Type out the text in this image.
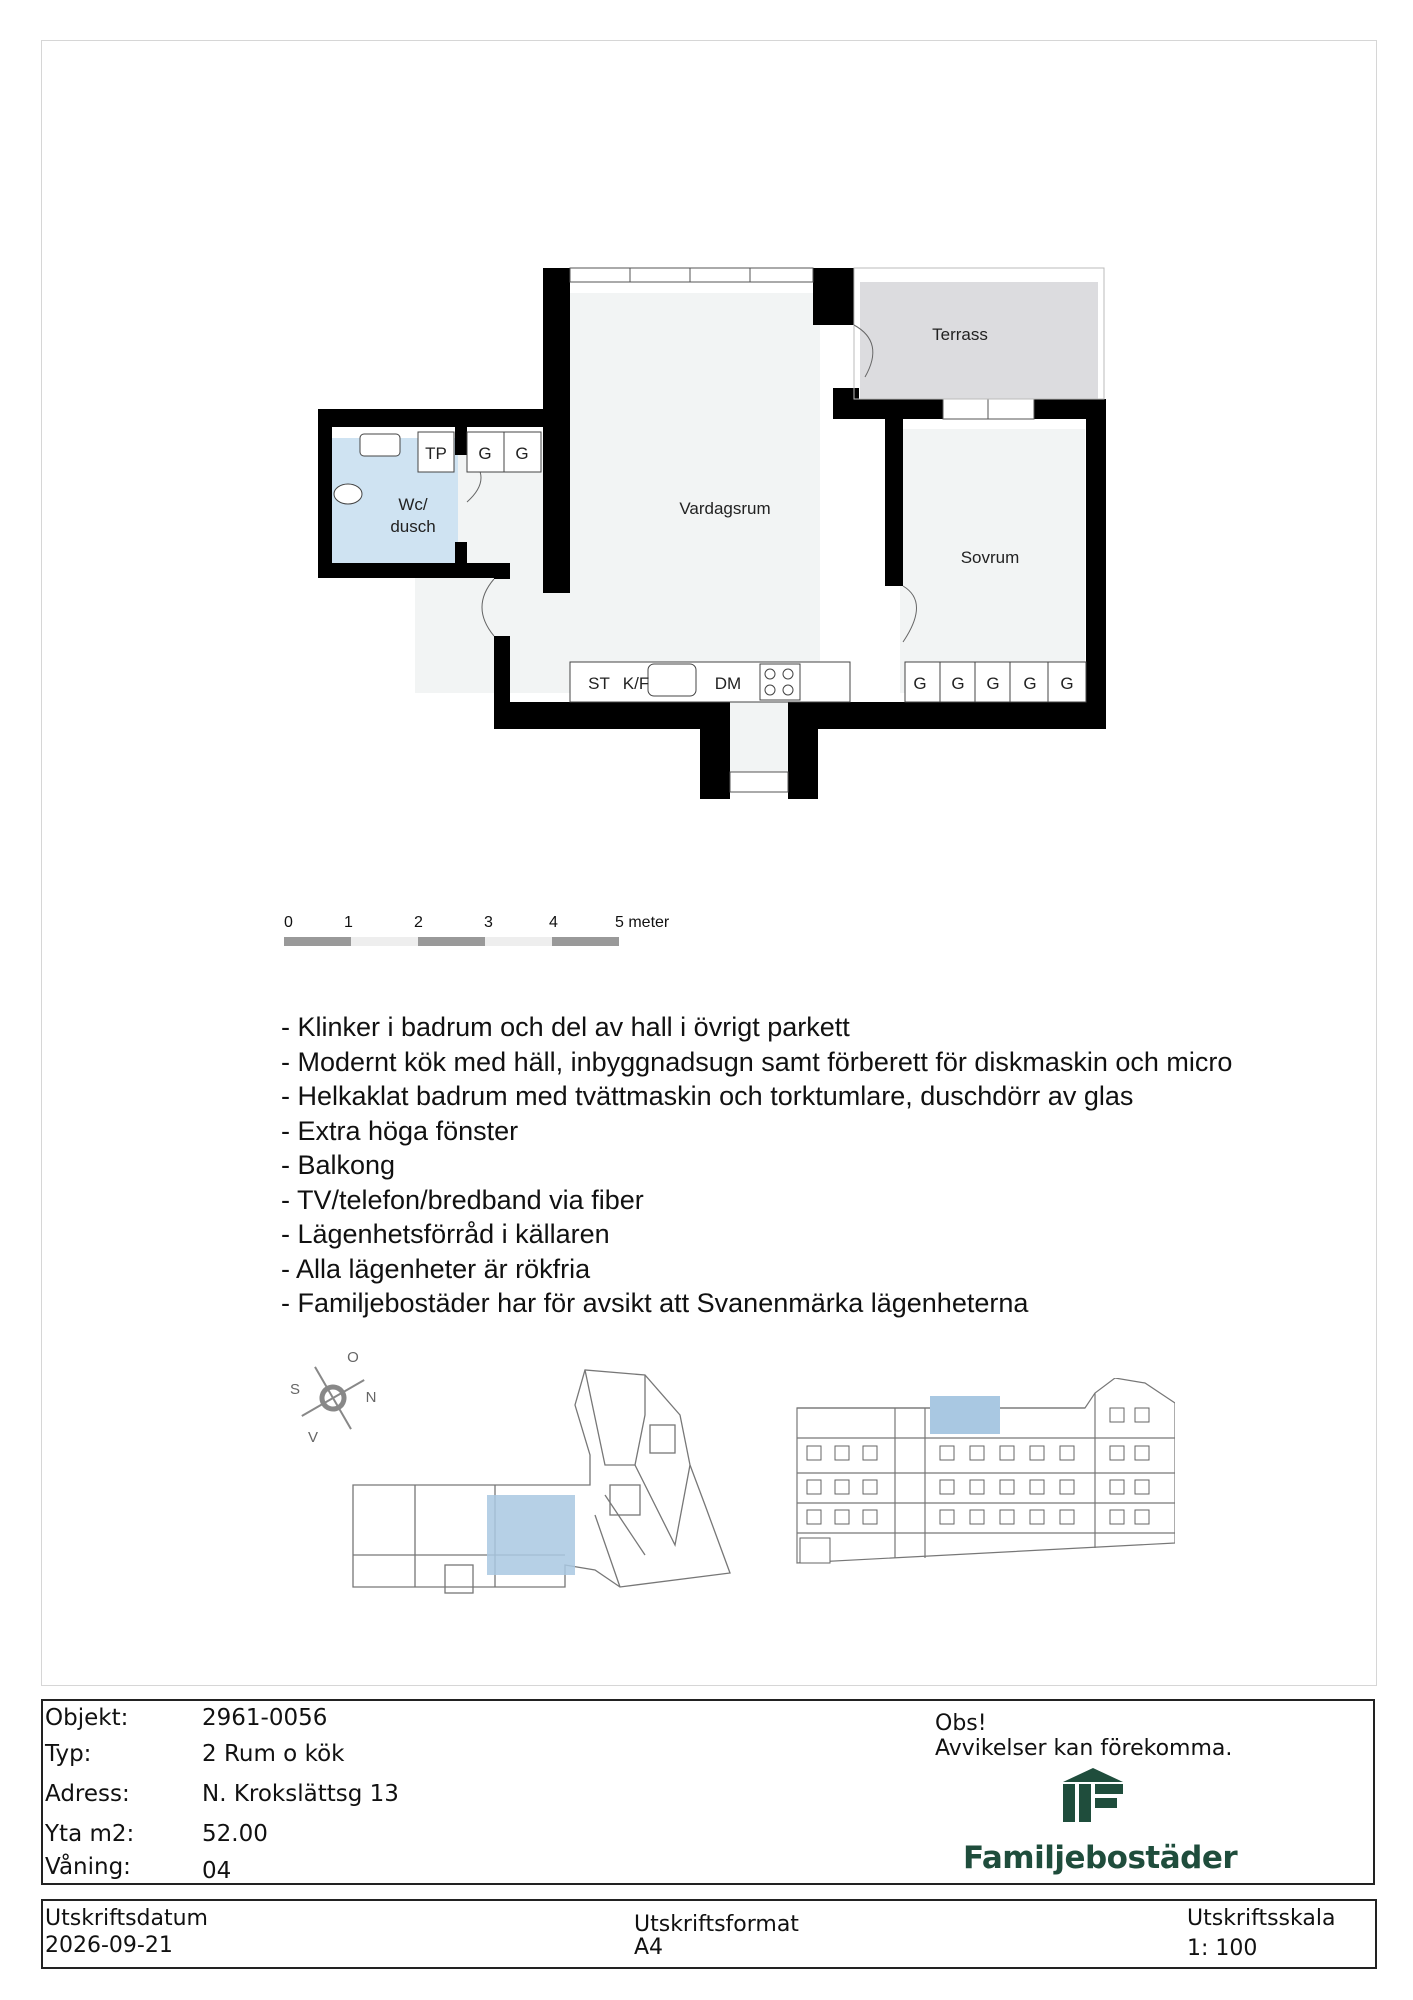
Terrass
Vardagsrum
Sovrum
Wc/
dusch
TP G G
ST K/F	DM	G G G G G
0	1	2	3	4	5 meter
- Klinker i badrum och del av hall i övrigt parkett
- Modernt kök med häll, inbyggnadsugn samt förberett för diskmaskin och micro
- Helkaklat badrum med tvättmaskin och torktumlare, duschdörr av glas
- Extra höga fönster
- Balkong
- TV/telefon/bredband via fiber
- Lägenhetsförråd i källaren
- Alla lägenheter är rökfria
- Familjebostäder har för avsikt att Svanenmärka lägenheterna
N
S
O
V
Objekt:	2961-0056
Typ:	2 Rum o kök
Adress:	N. Krokslättsg 13
Yta m2:	52.00
Våning:	04
Obs!
Avvikelser kan förekomma.
Familjebostäder
Utskriftsdatum
2026-09-21
Utskriftsformat
A4
Utskriftsskala
1: 100
